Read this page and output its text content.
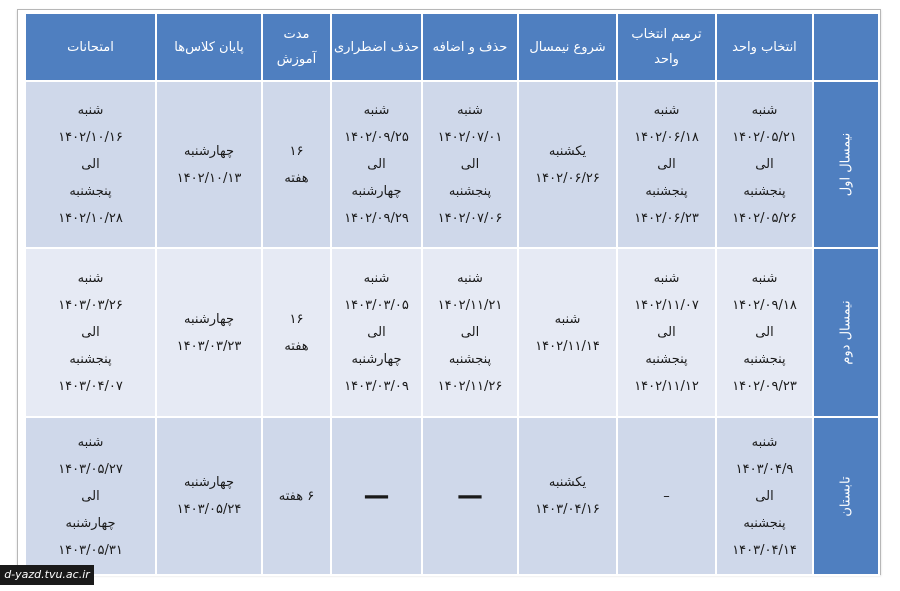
	انتخاب واحد	ترمیم انتخاب واحد	شروع نیمسال	حذف و اضافه	حذف اضطراری	مدت آموزش	پایان کلاس‌ها	امتحانات
نیمسال اول	شنبه
۱۴۰۲/۰۵/۲۱
الی
پنجشنبه
۱۴۰۲/۰۵/۲۶	شنبه
۱۴۰۲/۰۶/۱۸
الی
پنجشنبه
۱۴۰۲/۰۶/۲۳	یکشنبه
۱۴۰۲/۰۶/۲۶	شنبه
۱۴۰۲/۰۷/۰۱
الی
پنجشنبه
۱۴۰۲/۰۷/۰۶	شنبه
۱۴۰۲/۰۹/۲۵
الی
چهارشنبه
۱۴۰۲/۰۹/۲۹	۱۶
هفته	چهارشنبه
۱۴۰۲/۱۰/۱۳	شنبه
۱۴۰۲/۱۰/۱۶
الی
پنجشنبه
۱۴۰۲/۱۰/۲۸

نیمسال دوم	شنبه
۱۴۰۲/۰۹/۱۸
الی
پنجشنبه
۱۴۰۲/۰۹/۲۳	شنبه
۱۴۰۲/۱۱/۰۷
الی
پنجشنبه
۱۴۰۲/۱۱/۱۲	شنبه
۱۴۰۲/۱۱/۱۴	شنبه
۱۴۰۲/۱۱/۲۱
الی
پنجشنبه
۱۴۰۲/۱۱/۲۶	شنبه
۱۴۰۳/۰۳/۰۵
الی
چهارشنبه
۱۴۰۳/۰۳/۰۹	۱۶
هفته	چهارشنبه
۱۴۰۳/۰۳/۲۳	شنبه
۱۴۰۳/۰۳/۲۶
الی
پنجشنبه
۱۴۰۳/۰۴/۰۷

تابستان	شنبه
۱۴۰۳/۰۴/۹
الی
پنجشنبه
۱۴۰۳/۰۴/۱۴	–	یکشنبه
۱۴۰۳/۰۴/۱۶	—	—	۶ هفته	چهارشنبه
۱۴۰۳/۰۵/۲۴	شنبه
۱۴۰۳/۰۵/۲۷
الی
چهارشنبه
۱۴۰۳/۰۵/۳۱
d-yazd.tvu.ac.ir
